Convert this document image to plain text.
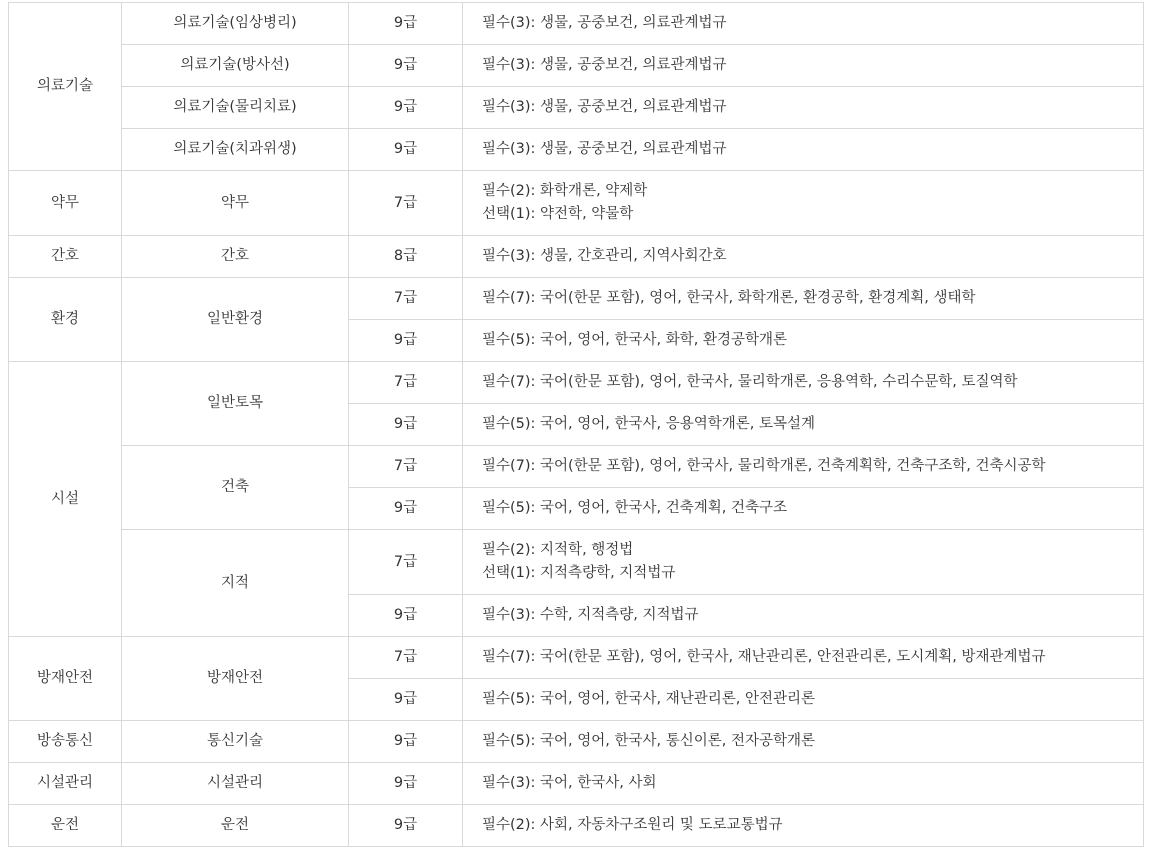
의료기술	의료기술(임상병리)	9급	필수(3): 생물, 공중보건, 의료관계법규

	의료기술(방사선)	9급	필수(3): 생물, 공중보건, 의료관계법규

	의료기술(물리치료)	9급	필수(3): 생물, 공중보건, 의료관계법규

	의료기술(치과위생)	9급	필수(3): 생물, 공중보건, 의료관계법규

약무	약무	7급	필수(2): 화학개론, 약제학
선택(1): 약전학, 약물학

간호	간호	8급	필수(3): 생물, 간호관리, 지역사회간호

환경	일반환경	7급	필수(7): 국어(한문 포함), 영어, 한국사, 화학개론, 환경공학, 환경계획, 생태학

		9급	필수(5): 국어, 영어, 한국사, 화학, 환경공학개론

시설	일반토목	7급	필수(7): 국어(한문 포함), 영어, 한국사, 물리학개론, 응용역학, 수리수문학, 토질역학

		9급	필수(5): 국어, 영어, 한국사, 응용역학개론, 토목설계

	건축	7급	필수(7): 국어(한문 포함), 영어, 한국사, 물리학개론, 건축계획학, 건축구조학, 건축시공학

		9급	필수(5): 국어, 영어, 한국사, 건축계획, 건축구조

	지적	7급	필수(2): 지적학, 행정법
선택(1): 지적측량학, 지적법규

		9급	필수(3): 수학, 지적측량, 지적법규

방재안전	방재안전	7급	필수(7): 국어(한문 포함), 영어, 한국사, 재난관리론, 안전관리론, 도시계획, 방재관계법규

		9급	필수(5): 국어, 영어, 한국사, 재난관리론, 안전관리론

방송통신	통신기술	9급	필수(5): 국어, 영어, 한국사, 통신이론, 전자공학개론

시설관리	시설관리	9급	필수(3): 국어, 한국사, 사회

운전	운전	9급	필수(2): 사회, 자동차구조원리 및 도로교통법규
